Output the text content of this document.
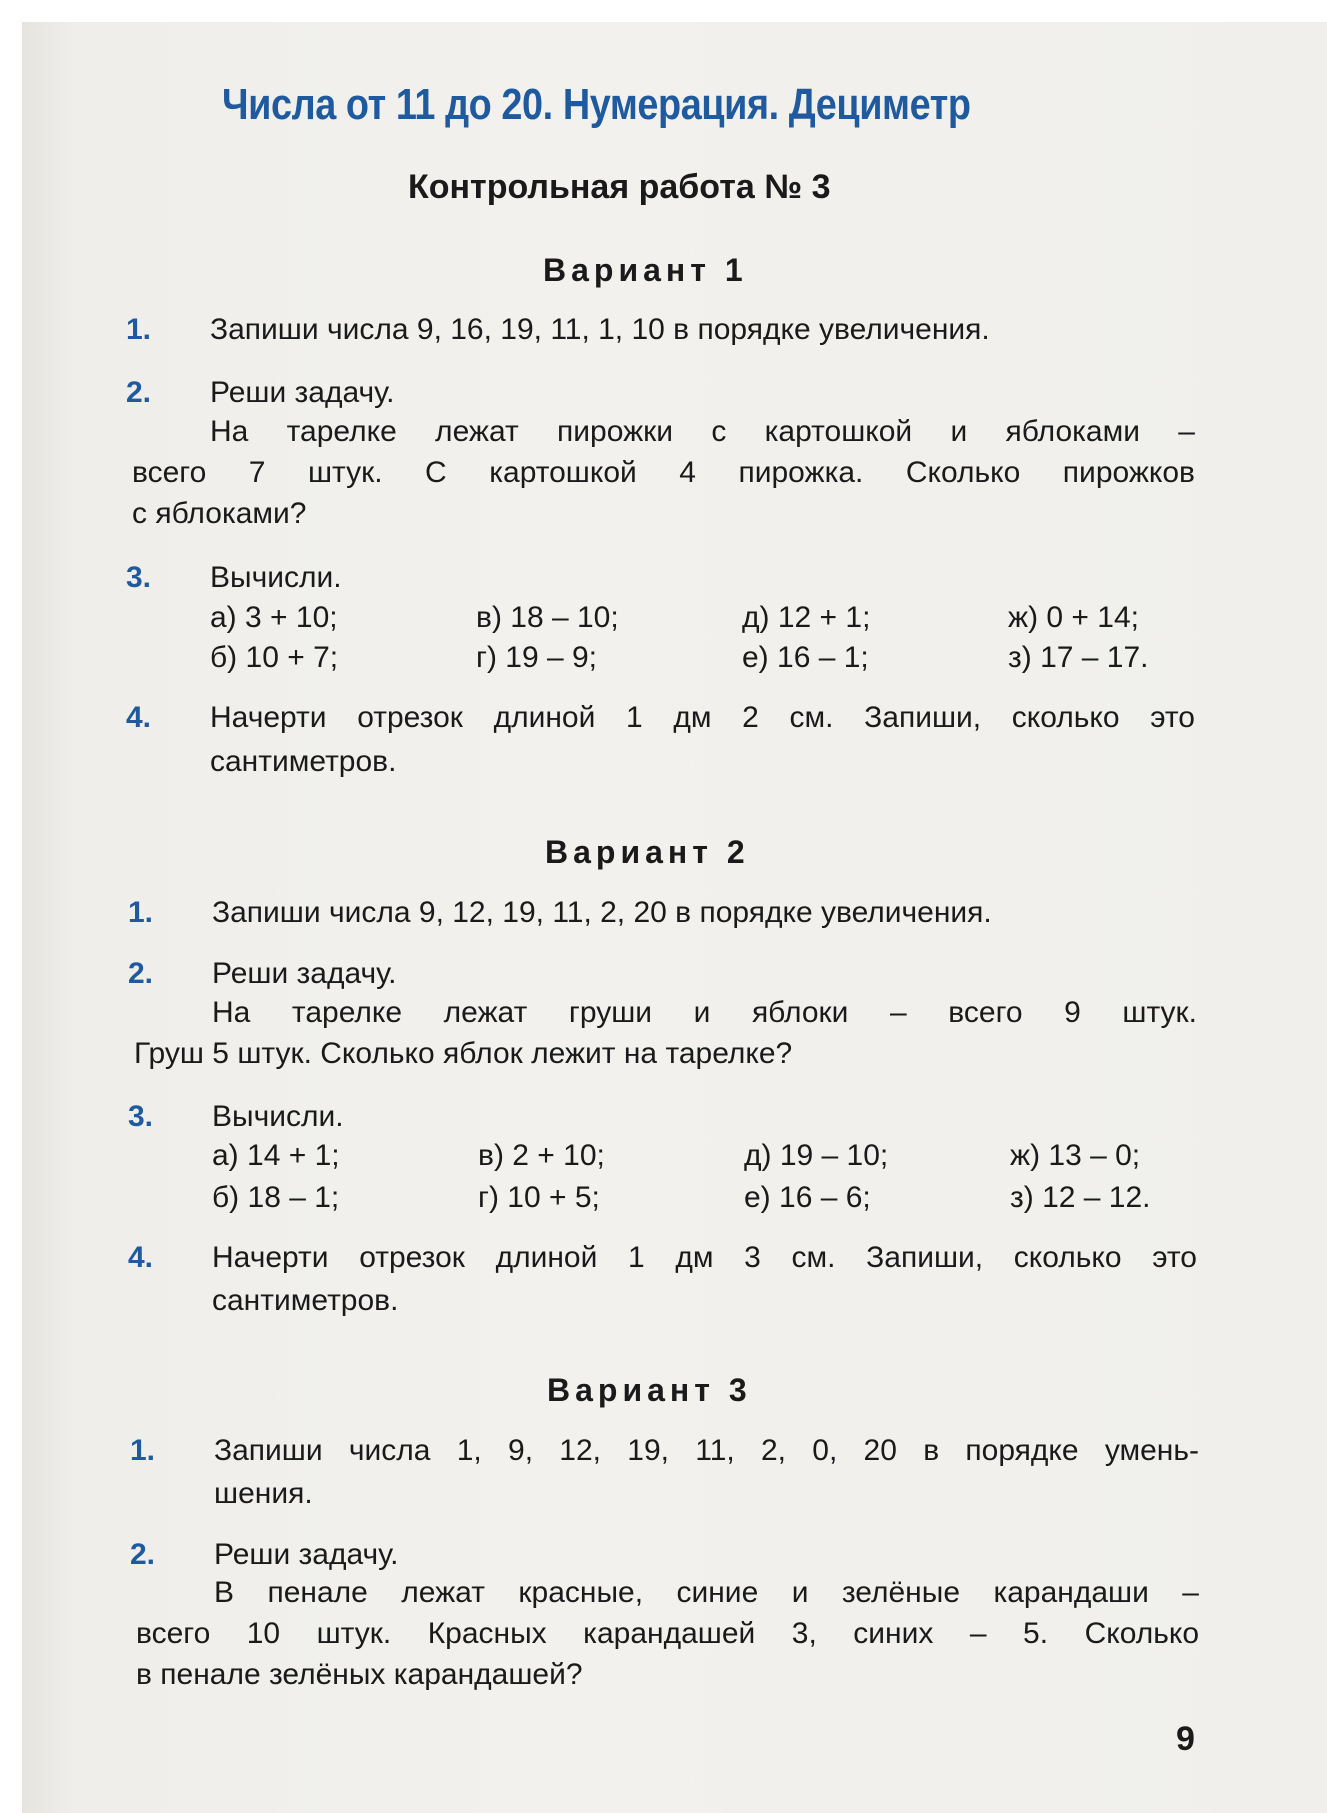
Числа от 11 до 20. Нумерация. Дециметр
Контрольная работа № 3
Вариант 1
1. Запиши числа 9, 16, 19, 11, 1, 10 в порядке увеличения.
2. Реши задачу.
На тарелке лежат пирожки с картошкой и яблоками –
всего 7 штук. С картошкой 4 пирожка. Сколько пирожков
с яблоками?
3. Вычисли.
а) 3 + 10;	в) 18 – 10;	д) 12 + 1;	ж) 0 + 14;
б) 10 + 7;	г) 19 – 9;	е) 16 – 1;	з) 17 – 17.
4. Начерти отрезок длиной 1 дм 2 см. Запиши, сколько это
сантиметров.
Вариант 2
1. Запиши числа 9, 12, 19, 11, 2, 20 в порядке увеличения.
2. Реши задачу.
На тарелке лежат груши и яблоки – всего 9 штук.
Груш 5 штук. Сколько яблок лежит на тарелке?
3. Вычисли.
а) 14 + 1;	в) 2 + 10;	д) 19 – 10;	ж) 13 – 0;
б) 18 – 1;	г) 10 + 5;	е) 16 – 6;	з) 12 – 12.
4. Начерти отрезок длиной 1 дм 3 см. Запиши, сколько это
сантиметров.
Вариант 3
1. Запиши числа 1, 9, 12, 19, 11, 2, 0, 20 в порядке умень-
шения.
2. Реши задачу.
В пенале лежат красные, синие и зелёные карандаши –
всего 10 штук. Красных карандашей 3, синих – 5. Сколько
в пенале зелёных карандашей?
9
